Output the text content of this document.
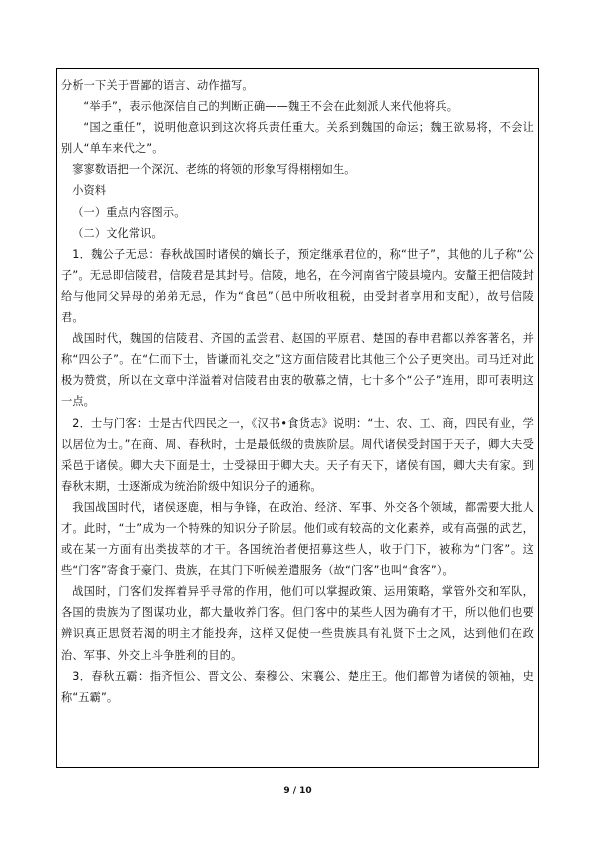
分析一下关于晋鄙的语言、动作描写。

“举手”，表示他深信自己的判断正确——魏王不会在此刻派人来代他将兵。

“国之重任”，说明他意识到这次将兵责任重大。关系到魏国的命运；魏王欲易将，不会让别人“单车来代之”。

寥寥数语把一个深沉、老练的将领的形象写得栩栩如生。

小资料

（一）重点内容图示。

（二）文化常识。

1．魏公子无忌：春秋战国时诸侯的嫡长子，预定继承君位的，称“世子”，其他的儿子称“公子”。无忌即信陵君，信陵君是其封号。信陵，地名，在今河南省宁陵县境内。安釐王把信陵封给与他同父异母的弟弟无忌，作为“食邑”（邑中所收租税，由受封者享用和支配），故号信陵君。

战国时代，魏国的信陵君、齐国的孟尝君、赵国的平原君、楚国的春申君都以养客著名，并称“四公子”。在“仁而下士，皆谦而礼交之”这方面信陵君比其他三个公子更突出。司马迁对此极为赞赏，所以在文章中洋溢着对信陵君由衷的敬慕之情，七十多个“公子”连用，即可表明这一点。

2．士与门客：士是古代四民之一，《汉书•食货志》说明：“士、农、工、商，四民有业，学以居位为士。”在商、周、春秋时，士是最低级的贵族阶层。周代诸侯受封国于天子，卿大夫受采邑于诸侯。卿大夫下面是士，士受禄田于卿大夫。天子有天下，诸侯有国，卿大夫有家。到春秋末期，士逐渐成为统治阶级中知识分子的通称。

我国战国时代，诸侯逐鹿，相与争锋，在政治、经济、军事、外交各个领域，都需要大批人才。此时，“士”成为一个特殊的知识分子阶层。他们或有较高的文化素养，或有高强的武艺，或在某一方面有出类拔萃的才干。各国统治者便招募这些人，收于门下，被称为“门客”。这些“门客”寄食于豪门、贵族，在其门下听候差遣服务（故“门客”也叫“食客”）。

战国时，门客们发挥着异乎寻常的作用，他们可以掌握政策、运用策略，掌管外交和军队，各国的贵族为了图谋功业，都大量收养门客。但门客中的某些人因为确有才干，所以他们也要辨识真正思贤若渴的明主才能投奔，这样又促使一些贵族具有礼贤下士之风，达到他们在政治、军事、外交上斗争胜利的目的。

3．春秋五霸：指齐恒公、晋文公、秦穆公、宋襄公、楚庄王。他们都曾为诸侯的领袖，史称“五霸”。

9 / 10
